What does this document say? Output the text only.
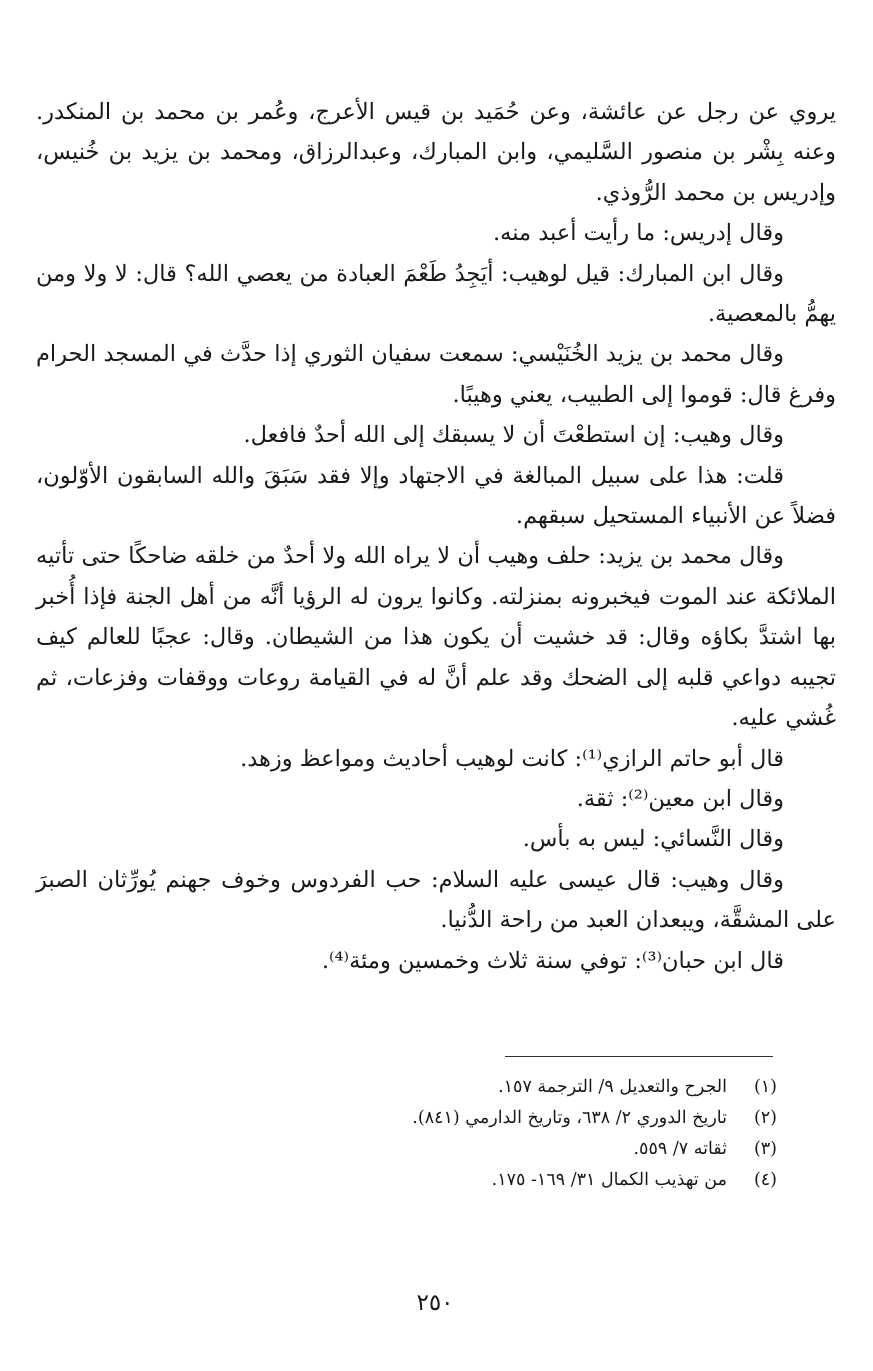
يروي عن رجل عن عائشة، وعن حُمَيد بن قيس الأعرج، وعُمر بن محمد بن المنكدر. وعنه بِشْر بن منصور السَّليمي، وابن المبارك، وعبدالرزاق، ومحمد بن يزيد بن خُنيس، وإدريس بن محمد الرُّوذي.

وقال إدريس: ما رأيت أعبد منه.

وقال ابن المبارك: قيل لوهيب: أيَجِدُ طَعْمَ العبادة من يعصي الله؟ قال: لا ولا ومن يهمُّ بالمعصية.

وقال محمد بن يزيد الخُنَيْسي: سمعت سفيان الثوري إذا حدَّث في المسجد الحرام وفرغ قال: قوموا إلى الطبيب، يعني وهيبًا.

وقال وهيب: إن استطعْتَ أن لا يسبقك إلى الله أحدٌ فافعل.

قلت: هذا على سبيل المبالغة في الاجتهاد وإلا فقد سَبَقَ والله السابقون الأوّلون، فضلاً عن الأنبياء المستحيل سبقهم.

وقال محمد بن يزيد: حلف وهيب أن لا يراه الله ولا أحدٌ من خلقه ضاحكًا حتى تأتيه الملائكة عند الموت فيخبرونه بمنزلته. وكانوا يرون له الرؤيا أنَّه من أهل الجنة فإذا أُخبر بها اشتدَّ بكاؤه وقال: قد خشيت أن يكون هذا من الشيطان. وقال: عجبًا للعالم كيف تجيبه دواعي قلبه إلى الضحك وقد علم أنَّ له في القيامة روعات ووقفات وفزعات، ثم غُشي عليه.

قال أبو حاتم الرازي⁽¹⁾: كانت لوهيب أحاديث ومواعظ وزهد.

وقال ابن معين⁽²⁾: ثقة.

وقال النَّسائي: ليس به بأس.

وقال وهيب: قال عيسى عليه السلام: حب الفردوس وخوف جهنم يُورِّثان الصبرَ على المشقَّة، ويبعدان العبد من راحة الدُّنيا.

قال ابن حبان⁽³⁾: توفي سنة ثلاث وخمسين ومئة⁽⁴⁾.

(١)الجرح والتعديل ٩/ الترجمة ١٥٧.
(٢)تاريخ الدوري ٢/ ٦٣٨، وتاريخ الدارمي (٨٤١).
(٣)ثقاته ٧/ ٥٥٩.
(٤)من تهذيب الكمال ٣١/ ١٦٩- ١٧٥.
٢٥٠
